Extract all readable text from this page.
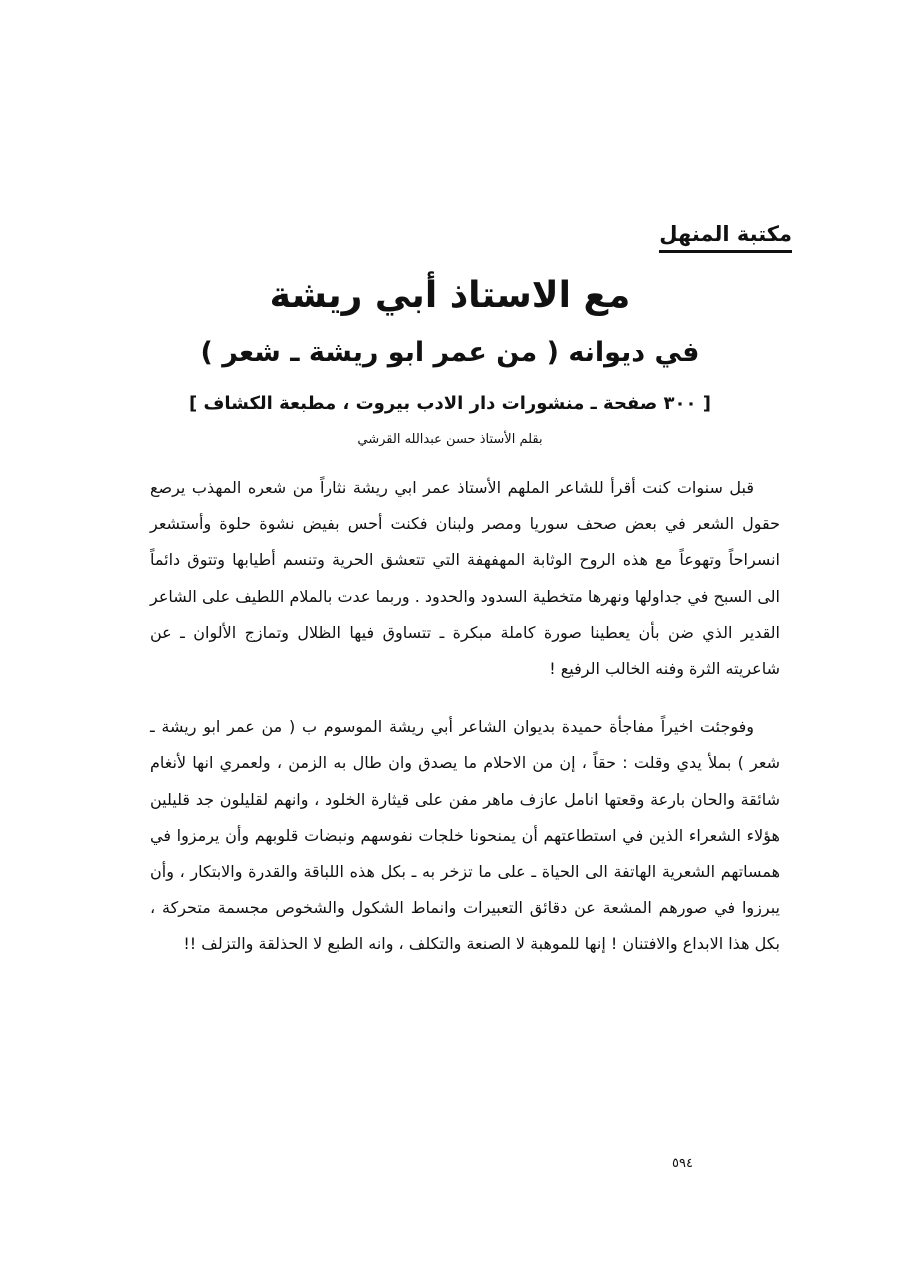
مكتبة المنهل
مع الاستاذ أبي ريشة
في ديوانه ( من عمر ابو ريشة ـ شعر )
[ ٣٠٠ صفحة ـ منشورات دار الادب بيروت ، مطبعة الكشاف ]
بقلم الأستاذ حسن عبدالله القرشي

قبل سنوات كنت أقرأ للشاعر الملهم الأستاذ عمر ابي ريشة نثاراً من شعره المهذب يرصع حقول الشعر في بعض صحف سوريا ومصر ولبنان فكنت أحس بفيض نشوة حلوة وأستشعر انسراحاً وتهوعاً مع هذه الروح الوثابة المهفهفة التي تتعشق الحرية وتنسم أطيابها وتتوق دائماً الى السبح في جداولها ونهرها متخطية السدود والحدود . وربما عدت بالملام اللطيف على الشاعر القدير الذي ضن بأن يعطينا صورة كاملة مبكرة ـ تتساوق فيها الظلال وتمازج الألوان ـ عن شاعريته الثرة وفنه الخالب الرفيع !

وفوجئت اخيراً مفاجأة حميدة بديوان الشاعر أبي ريشة الموسوم ب ( من عمر ابو ريشة ـ شعر ) بملأ يدي وقلت : حقاً ، إن من الاحلام ما يصدق وان طال به الزمن ، ولعمري انها لأنغام شائقة والحان بارعة وقعتها انامل عازف ماهر مفن على قيثارة الخلود ، وانهم لقليلون جد قليلين هؤلاء الشعراء الذين في استطاعتهم أن يمنحونا خلجات نفوسهم ونبضات قلوبهم وأن يرمزوا في همساتهم الشعرية الهاتفة الى الحياة ـ على ما تزخر به ـ بكل هذه اللباقة والقدرة والابتكار ، وأن يبرزوا في صورهم المشعة عن دقائق التعبيرات وانماط الشكول والشخوص مجسمة متحركة ، بكل هذا الابداع والافتنان ! إنها للموهبة لا الصنعة والتكلف ، وانه الطبع لا الحذلقة والتزلف !!

٥٩٤
